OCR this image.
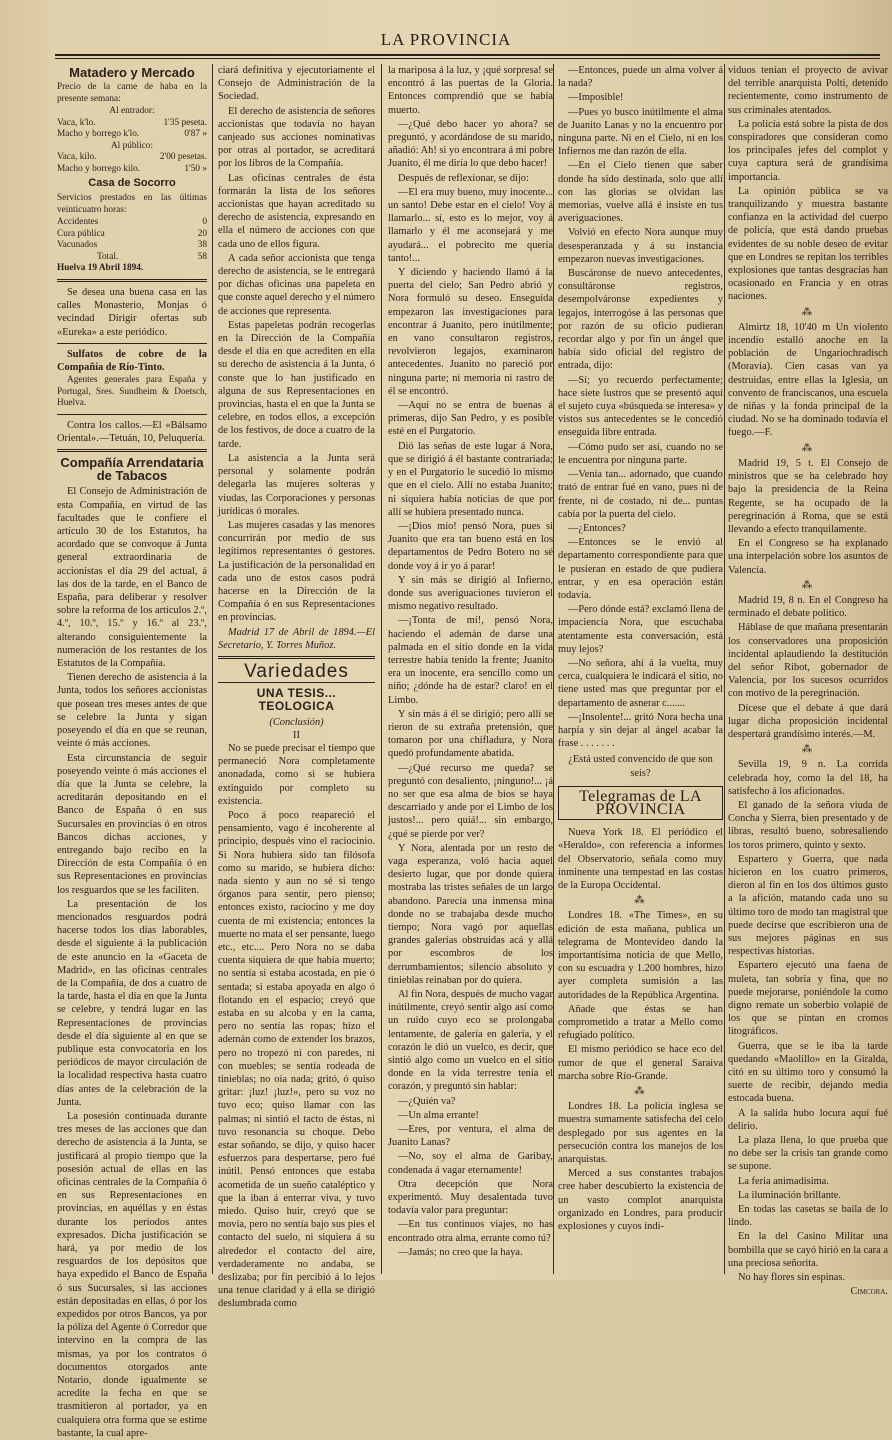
LA PROVINCIA
Matadero y Mercado

Precio de la carne de haba en la presente semana:

Al entrador:
Vaca, k'lo.	1'35 peseta.
Macho y borrego k'lo.	0'87 »
Al público:
Vaca, kilo.	2'00 pesetas.
Macho y borrego kilo.	1'50 »
Casa de Socorro

Servicios prestados en las últimas veinticuatro horas:

Accidentes	0
Cura pública	20
Vacunados	38
Total.	58
Huelva 19 Abril 1894.

Se desea una buena casa en las calles Monasterio, Monjas ó vecindad Dirigir ofertas sub «Eureka» a este periódico.

Sulfatos de cobre de la Compañía de Río-Tinto.

Agentes generales para España y Portugal, Sres. Sundheim & Doetsch, Huelva.

Contra los callos.—El «Bálsamo Oriental».—Tetuán, 10, Peluquería.

Compañía Arrendataria de Tabacos

El Consejo de Administración de esta Compañía, en virtud de las facultades que le confiere el artículo 30 de los Estatutos, ha acordado que se convoque á Junta general extraordinaria de accionistas el día 29 del actual, á las dos de la tarde, en el Banco de España, para deliberar y resolver sobre la reforma de los artículos 2.º, 4.º, 10.º, 15.º y 16.º al 23.º, alterando consiguientemente la numeración de los restantes de los Estatutos de la Compañía.

Tienen derecho de asistencia á la Junta, todos los señores accionistas que posean tres meses antes de que se celebre la Junta y sigan poseyendo el día en que se reunan, veinte ó más acciones.

Esta circunstancia de seguir poseyendo veinte ó más acciones el día que la Junta se celebre, la acreditarán depositando en el Banco de España ó en sus Sucursales en provincias ó en otros Bancos dichas acciones, y entregando bajo recibo en la Dirección de esta Compañía ó en sus Representaciones en provincias los resguardos que se les faciliten.

La presentación de los mencionados resguardos podrá hacerse todos los días laborables, desde el siguiente á la publicación de este anuncio en la «Gaceta de Madrid», en las oficinas centrales de la Compañía, de dos a cuatro de la tarde, hasta el día en que la Junta se celebre, y tendrá lugar en las Representaciones de provincias desde el día siguiente al en que se publique esta convocatoria en los periódicos de mayor circulación de la localidad respectiva hasta cuatro días antes de la celebración de la Junta.

La posesión continuada durante tres meses de las acciones que dan derecho de asistencia á la Junta, se justificará al propio tiempo que la posesión actual de ellas en las oficinas centrales de la Compañía ó en sus Representaciones en provincias, en aquéllas y en éstas durante los períodos antes expresados. Dicha justificación se hará, ya por medio de los resguardos de los depósitos que haya expedido el Banco de España ó sus Sucursales, si las acciones están depositadas en ellas, ó por los expedidos por otros Bancos, ya por la póliza del Agente ó Corredor que intervino en la compra de las mismas, ya por los contratos ó documentos otorgados ante Notario, donde igualmente se acredite la fecha en que se trasmitieron al portador, ya en cualquiera otra forma que se estime bastante, la cual apre-

ciará definitiva y ejecutoriamente el Consejo de Administración de la Sociedad.

El derecho de asistencia de señores accionistas que todavía no hayan canjeado sus acciones nominativas por otras al portador, se acreditará por los libros de la Compañía.

Las oficinas centrales de ésta formarán la lista de los señores accionistas que hayan acreditado su derecho de asistencia, expresando en ella el número de acciones con que cada uno de ellos figura.

A cada señor accionista que tenga derecho de asistencia, se le entregará por dichas oficinas una papeleta en que conste aquel derecho y el número de acciones que representa.

Estas papeletas podrán recogerlas en la Dirección de la Compañía desde el día en que acrediten en ella su derecho de asistencia á la Junta, ó conste que lo han justificado en alguna de sus Representaciones en provincias, hasta el en que la Junta se celebre, en todos ellos, a excepción de los festivos, de doce a cuatro de la tarde.

La asistencia a la Junta será personal y solamente podrán delegarla las mujeres solteras y viudas, las Corporaciones y personas jurídicas ó morales.

Las mujeres casadas y las menores concurrirán por medio de sus legítimos representantes ó gestores. La justificación de la personalidad en cada uno de estos casos podrá hacerse en la Dirección de la Compañía ó en sus Representaciones en provincias.

Madrid 17 de Abril de 1894.—El Secretario, Y. Torres Muñoz.

Variedades
UNA TESIS... TEOLOGICA
(Conclusión)
II

No se puede precisar el tiempo que permaneció Nora completamente anonadada, como si se hubiera extinguido por completo su existencia.

Poco á poco reapareció el pensamiento, vago é incoherente al principio, después vino el raciocinio. Si Nora hubiera sido tan filósofa como su marido, se hubiera dicho: nada siento y aun no sé si tengo órganos para sentir, pero pienso; entonces existo, raciocino y me doy cuenta de mi existencia; entonces la muerte no mata el ser pensante, luego etc., etc.... Pero Nora no se daba cuenta siquiera de que había muerto; no sentía si estaba acostada, en pie ó sentada; si estaba apoyada en algo ó flotando en el espacio; creyó que estaba en su alcoba y en la cama, pero no sentía las ropas; hizo el ademán como de extender los brazos, pero no tropezó ni con paredes, ni con muebles; se sentía rodeada de tinieblas; no oía nada; gritó, ó quiso gritar: ¡luz! ¡luz!», pero su voz no tuvo eco; quiso llamar con las palmas; ni sintió el tacto de éstas, ni tuvo resonancia su choque. Debo estar soñando, se dijo, y quiso hacer esfuerzos para despertarse, pero fué inútil. Pensó entonces que estaba acometida de un sueño cataléptico y que la iban á enterrar viva, y tuvo miedo. Quiso huir, creyó que se movía, pero no sentía bajo sus pies el contacto del suelo, ni siquiera á su alrededor el contacto del aire, verdaderamente no andaba, se deslizaba; por fin percibió á lo lejos una tenue claridad y á ella se dirigió deslumbrada como

la mariposa á la luz, y ¡qué sorpresa! se encontró á las puertas de la Gloria. Entonces comprendió que se había muerto.

—¿Qué debo hacer yo ahora? se preguntó, y acordándose de su marido, añadió: Ah! si yo encontrara á mi pobre Juanito, él me diría lo que debo hacer!

Después de reflexionar, se dijo:

—El era muy bueno, muy inocente... un santo! Debe estar en el cielo! Voy á llamarlo... sí, esto es lo mejor, voy á llamarlo y él me aconsejará y me ayudará... el pobrecito me quería tanto!...

Y diciendo y haciendo llamó á la puerta del cielo; San Pedro abrió y Nora formuló su deseo. Enseguida empezaron las investigaciones para encontrar á Juanito, pero inútilmente; en vano consultaron registros, revolvieron legajos, examinaron antecedentes. Juanito no pareció por ninguna parte; ni memoria ni rastro de él se encontró.

—Aquí no se entra de buenas á primeras, dijo San Pedro, y es posible esté en el Purgatorio.

Dió las señas de este lugar á Nora, que se dirigió á él bastante contrariada; y en el Purgatorio le sucedió lo mismo que en el cielo. Allí no estaba Juanito; ni siquiera había noticias de que por allí se hubiera presentado nunca.

—¡Dios mío! pensó Nora, pues si Juanito que era tan bueno está en los departamentos de Pedro Botero no sé donde voy á ir yo á parar!

Y sin más se dirigió al Infierno, donde sus averiguaciones tuvieron el mismo negativo resultado.

—¡Tonta de mí!, pensó Nora, haciendo el ademán de darse una palmada en el sitio donde en la vida terrestre había tenido la frente; Juanito era un inocente, era sencillo como un niño; ¿dónde ha de estar? claro! en el Limbo.

Y sin más á él se dirigió; pero allí se rieron de su extraña pretensión, que tomaron por una chifladura, y Nora quedó profundamente abatida.

—¿Qué recurso me queda? se preguntó con desaliento, ¡ninguno!... ¡á no ser que esa alma de bios se haya descarriado y ande por el Limbo de los justos!... pero quiá!... sin embargo, ¿qué se pierde por ver?

Y Nora, alentada por un resto de vaga esperanza, voló hacia aquel desierto lugar, que por donde quiera mostraba las tristes señales de un largo abandono. Parecía una inmensa mina donde no se trabajaba desde mucho tiempo; Nora vagó por aquellas grandes galerías obstruidas acá y allá por escombros de los derrumbamientos; silencio absoluto y tinieblas reinaban por do quiera.

Al fin Nora, después de mucho vagar inútilmente, creyó sentir algo así como un ruido cuyo eco se prolongaba lentamente, de galería en galería, y el corazón le dió un vuelco, es decir, que sintió algo como un vuelco en el sitio donde en la vida terrestre tenía el corazón, y preguntó sin hablar:

—¿Quién va?

—Un alma errante!

—Eres, por ventura, el alma de Juanito Lanas?

—No, soy el alma de Garibay, condenada á vagar eternamente!

Otra decepción que Nora experimentó. Muy desalentada tuvo todavía valor para preguntar:

—En tus continuos viajes, no has encontrado otra alma, errante como tú?

—Jamás; no creo que la haya.

—Entonces, puede un alma volver á la nada?

—Imposible!

—Pues yo busco inútilmente el alma de Juanito Lanas y no la encuentro por ninguna parte. Ni en el Cielo, ni en los Infiernos me dan razón de ella.

—En el Cielo tienen que saber donde ha sido destinada, solo que allí con las glorias se olvidan las memorias, vuelve allá é insiste en tus averiguaciones.

Volvió en efecto Nora aunque muy desesperanzada y á su instancia empezaron nuevas investigaciones.

Buscáronse de nuevo antecedentes, consultáronse registros, desempolváronse expedientes y legajos, interrogóse á las personas que por razón de su oficio pudieran recordar algo y por fin un ángel que había sido oficial del registro de entrada, dijo:

—Sí; yo recuerdo perfectamente; hace siete lustros que se presentó aquí el sujeto cuya «búsqueda se interesa» y vistos sus antecedentes se le concedió enseguida libre entrada.

—Cómo pudo ser así, cuando no se le encuentra por ninguna parte.

—Venía tan... adornado, que cuando trató de entrar fué en vano, pues ni de frente, ni de costado, ni de... puntas cabía por la puerta del cielo.

—¿Entonces?

—Entonces se le envió al departamento correspondiente para que le pusieran en estado de que pudiera entrar, y en esa operación están todavía.

—Pero dónde está? exclamó llena de impaciencia Nora, que escuchaba atentamente esta conversación, está muy lejos?

—No señora, ahí á la vuelta, muy cerca, cualquiera le indicará el sitio, no tiene usted mas que preguntar por el departamento de asnerar c.......

—¡Insolente!... gritó Nora hecha una harpía y sin dejar al ángel acabar la frase . . . . . . .

¿Está usted convencido de que son seis?

Telegramas de LA PROVINCIA

Nueva York 18. El periódico el «Heraldo», con referencia a informes del Observatorio, señala como muy inminente una tempestad en las costas de la Europa Occidental.

⁂

Londres 18. «The Times», en su edición de esta mañana, publica un telegrama de Montevideo dando la importantísima noticia de que Mello, con su escuadra y 1.200 hombres, hizo ayer completa sumisión a las autoridades de la República Argentina.

Añade que éstas se han comprometido a tratar a Mello como refugiado político.

El mismo periódico se hace eco del rumor de que el general Saraiva marcha sobre Río-Grande.

⁂

Londres 18. La policía inglesa se muestra sumamente satisfecha del celo desplegado por sus agentes en la persecución contra los manejos de los anarquistas.

Merced a sus constantes trabajos cree haber descubierto la existencia de un vasto complot anarquista organizado en Londres, para producir explosiones y cuyos indi-

viduos tenían el proyecto de avivar del terrible anarquista Polti, detenido recientemente, como instrumento de sus criminales atentados.

La policía está sobre la pista de dos conspiradores que consideran como los principales jefes del complot y cuya captura será de grandísima importancia.

La opinión pública se va tranquilizando y muestra bastante confianza en la actividad del cuerpo de policía, que está dando pruebas evidentes de su noble deseo de evitar que en Londres se repitan los terribles explosiones que tantas desgracias han ocasionado en Francia y en otras naciones.

⁂

Almirtz 18, 10'40 m Un violento incendio estalló anoche en la población de Ungariochradisch (Moravia). Cien casas van ya destruidas, entre ellas la Iglesia, un convento de franciscanos, una escuela de niñas y la fonda principal de la ciudad. No se ha dominado todavía el fuego.—F.

⁂

Madrid 19, 5 t. El Consejo de ministros que se ha celebrado hoy bajo la presidencia de la Reina Regente, se ha ocupado de la peregrinación á Roma, que se está llevando a efecto tranquilamente.

En el Congreso se ha explanado una interpelación sobre los asuntos de Valencia.

⁂

Madrid 19, 8 n. En el Congreso ha terminado el debate político.

Háblase de que mañana presentarán los conservadores una proposición incidental aplaudiendo la destitución del señor Ribot, gobernador de Valencia, por los sucesos ocurridos con motivo de la peregrinación.

Dícese que el debate á que dará lugar dicha proposición incidental despertará grandísimo interés.—M.

⁂

Sevilla 19, 9 n. La corrida celebrada hoy, como la del 18, ha satisfecho á los aficionados.

El ganado de la señora viuda de Concha y Sierra, bien presentado y de libras, resultó bueno, sobresaliendo los toros primero, quinto y sexto.

Espartero y Guerra, que nada hicieron en los cuatro primeros, dieron al fin en los dos últimos gusto a la afición, matando cada uno su último toro de modo tan magistral que puede decirse que escribieron una de sus mejores páginas en sus respectivas historias.

Espartero ejecutó una faena de muleta, tan sobria y fina, que no puede mejorarse, poniéndole la como digno remate un soberbio volapié de los que se pintan en cromos litográficos.

Guerra, que se le iba la tarde quedando «Maolillo» en la Giralda, citó en su último toro y consumó la suerte de recibir, dejando media estocada buena.

A la salida hubo locura aquí fué delirio.

La plaza llena, lo que prueba que no debe ser la crisis tan grande como se supone.

La feria animadísima.

La iluminación brillante.

En todas las casetas se baila de lo lindo.

En la del Casino Militar una bombilla que se cayó hirió en la cara a una preciosa señorita.

No hay flores sin espinas.

Cimcora.
